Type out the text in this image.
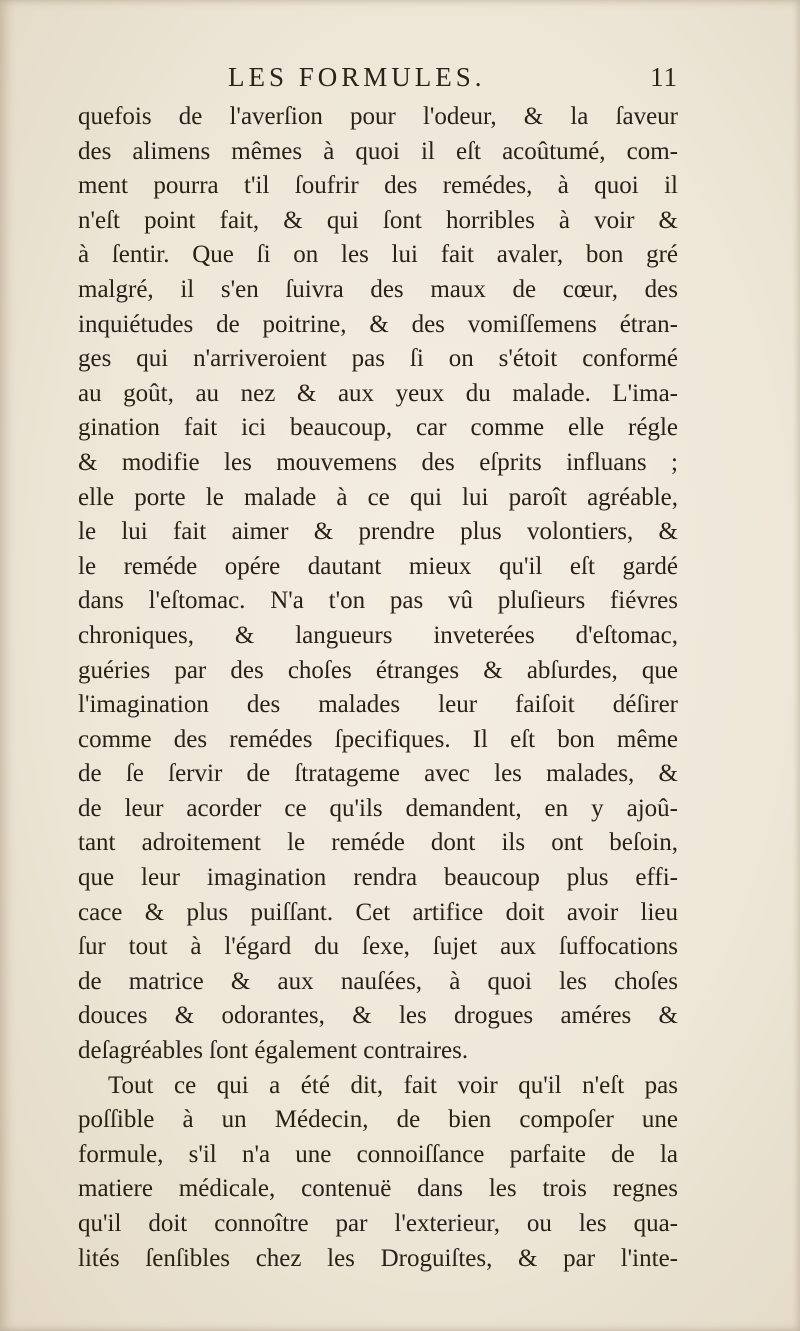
LES FORMULES.	11
quefois de l'averſion pour l'odeur, & la ſaveur
des alimens mêmes à quoi il eſt acoûtumé, com-
ment pourra t'il ſoufrir des remédes, à quoi il
n'eſt point fait, & qui ſont horribles à voir &
à ſentir. Que ſi on les lui fait avaler, bon gré
malgré, il s'en ſuivra des maux de cœur, des
inquiétudes de poitrine, & des vomiſſemens étran-
ges qui n'arriveroient pas ſi on s'étoit conformé
au goût, au nez & aux yeux du malade. L'ima-
gination fait ici beaucoup, car comme elle régle
& modifie les mouvemens des eſprits influans ;
elle porte le malade à ce qui lui paroît agréable,
le lui fait aimer & prendre plus volontiers, &
le reméde opére dautant mieux qu'il eſt gardé
dans l'eſtomac. N'a t'on pas vû pluſieurs fiévres
chroniques, & langueurs inveterées d'eſtomac,
guéries par des choſes étranges & abſurdes, que
l'imagination des malades leur faiſoit déſirer
comme des remédes ſpecifiques. Il eſt bon même
de ſe ſervir de ſtratageme avec les malades, &
de leur acorder ce qu'ils demandent, en y ajoû-
tant adroitement le reméde dont ils ont beſoin,
que leur imagination rendra beaucoup plus effi-
cace & plus puiſſant. Cet artifice doit avoir lieu
ſur tout à l'égard du ſexe, ſujet aux ſuffocations
de matrice & aux nauſées, à quoi les choſes
douces & odorantes, & les drogues améres &
deſagréables ſont également contraires.
Tout ce qui a été dit, fait voir qu'il n'eſt pas
poſſible à un Médecin, de bien compoſer une
formule, s'il n'a une connoiſſance parfaite de la
matiere médicale, contenuë dans les trois regnes
qu'il doit connoître par l'exterieur, ou les qua-
lités ſenſibles chez les Droguiſtes, & par l'inte-
